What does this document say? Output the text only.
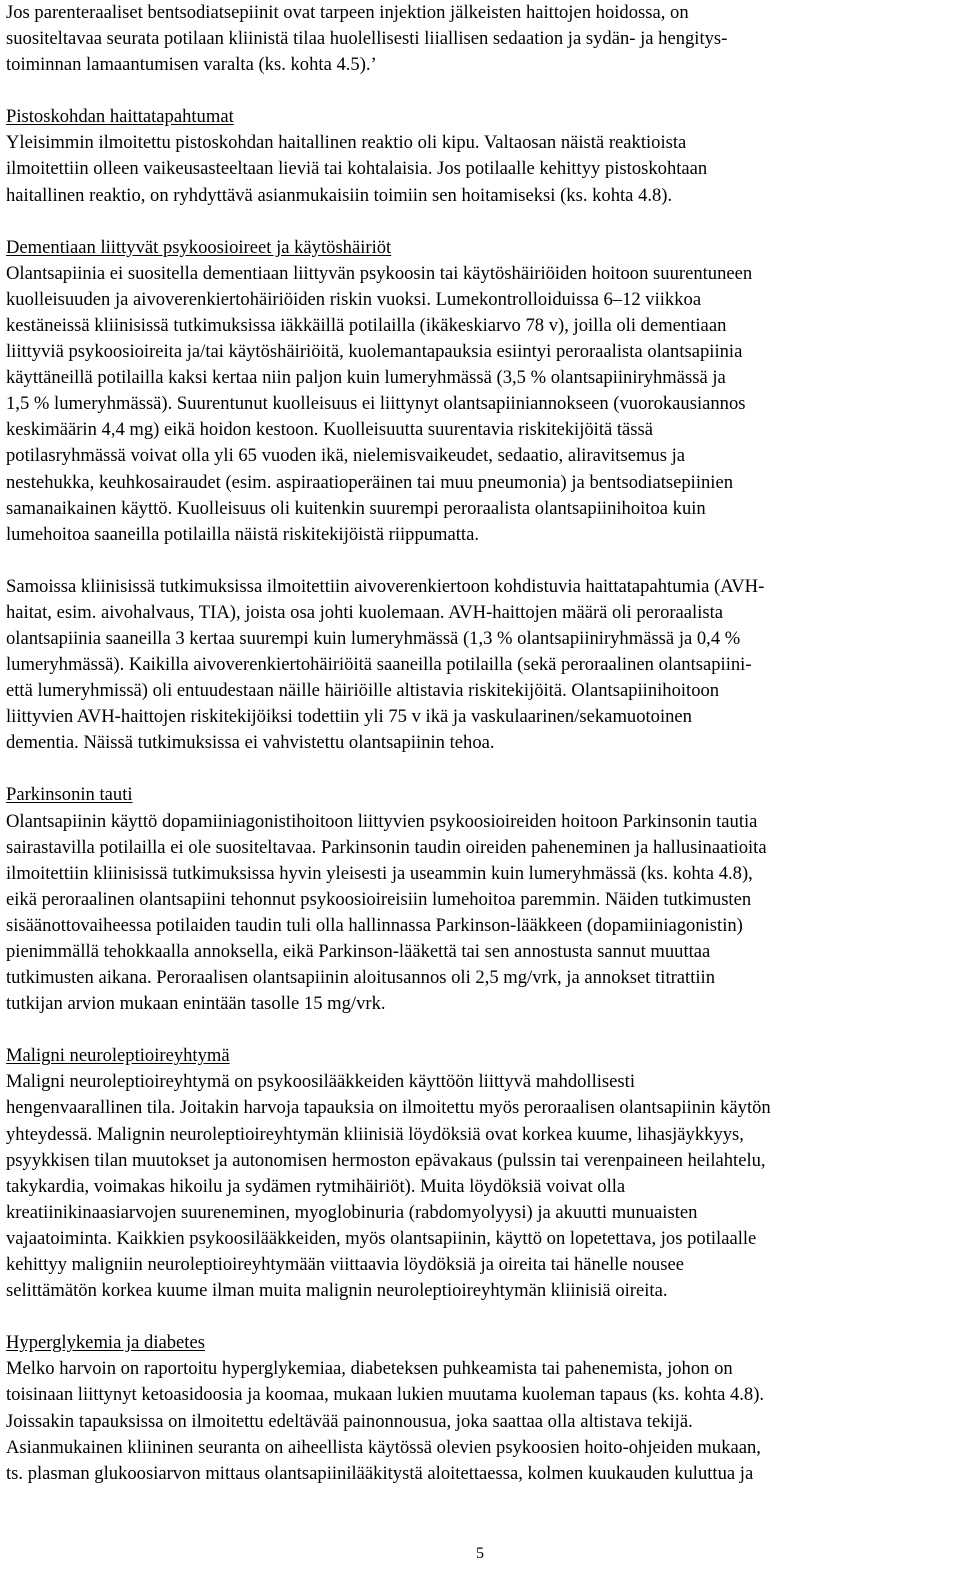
Jos parenteraaliset bentsodiatsepiinit ovat tarpeen injektion jälkeisten haittojen hoidossa, on

suositeltavaa seurata potilaan kliinistä tilaa huolellisesti liiallisen sedaation ja sydän- ja hengitys-

toiminnan lamaantumisen varalta (ks. kohta 4.5).’

Pistoskohdan haittatapahtumat

Yleisimmin ilmoitettu pistoskohdan haitallinen reaktio oli kipu. Valtaosan näistä reaktioista

ilmoitettiin olleen vaikeusasteeltaan lieviä tai kohtalaisia. Jos potilaalle kehittyy pistoskohtaan

haitallinen reaktio, on ryhdyttävä asianmukaisiin toimiin sen hoitamiseksi (ks. kohta 4.8).

Dementiaan liittyvät psykoosioireet ja käytöshäiriöt

Olantsapiinia ei suositella dementiaan liittyvän psykoosin tai käytöshäiriöiden hoitoon suurentuneen

kuolleisuuden ja aivoverenkiertohäiriöiden riskin vuoksi. Lumekontrolloiduissa 6–12 viikkoa

kestäneissä kliinisissä tutkimuksissa iäkkäillä potilailla (ikäkeskiarvo 78 v), joilla oli dementiaan

liittyviä psykoosioireita ja/tai käytöshäiriöitä, kuolemantapauksia esiintyi peroraalista olantsapiinia

käyttäneillä potilailla kaksi kertaa niin paljon kuin lumeryhmässä (3,5 % olantsapiiniryhmässä ja

1,5 % lumeryhmässä). Suurentunut kuolleisuus ei liittynyt olantsapiiniannokseen (vuorokausiannos

keskimäärin 4,4 mg) eikä hoidon kestoon. Kuolleisuutta suurentavia riskitekijöitä tässä

potilasryhmässä voivat olla yli 65 vuoden ikä, nielemisvaikeudet, sedaatio, aliravitsemus ja

nestehukka, keuhkosairaudet (esim. aspiraatioperäinen tai muu pneumonia) ja bentsodiatsepiinien

samanaikainen käyttö. Kuolleisuus oli kuitenkin suurempi peroraalista olantsapiinihoitoa kuin

lumehoitoa saaneilla potilailla näistä riskitekijöistä riippumatta.

Samoissa kliinisissä tutkimuksissa ilmoitettiin aivoverenkiertoon kohdistuvia haittatapahtumia (AVH-

haitat, esim. aivohalvaus, TIA), joista osa johti kuolemaan. AVH-haittojen määrä oli peroraalista

olantsapiinia saaneilla 3 kertaa suurempi kuin lumeryhmässä (1,3 % olantsapiiniryhmässä ja 0,4 %

lumeryhmässä). Kaikilla aivoverenkiertohäiriöitä saaneilla potilailla (sekä peroraalinen olantsapiini-

että lumeryhmissä) oli entuudestaan näille häiriöille altistavia riskitekijöitä. Olantsapiinihoitoon

liittyvien AVH-haittojen riskitekijöiksi todettiin yli 75 v ikä ja vaskulaarinen/sekamuotoinen

dementia. Näissä tutkimuksissa ei vahvistettu olantsapiinin tehoa.

Parkinsonin tauti

Olantsapiinin käyttö dopamiiniagonistihoitoon liittyvien psykoosioireiden hoitoon Parkinsonin tautia

sairastavilla potilailla ei ole suositeltavaa. Parkinsonin taudin oireiden paheneminen ja hallusinaatioita

ilmoitettiin kliinisissä tutkimuksissa hyvin yleisesti ja useammin kuin lumeryhmässä (ks. kohta 4.8),

eikä peroraalinen olantsapiini tehonnut psykoosioireisiin lumehoitoa paremmin. Näiden tutkimusten

sisäänottovaiheessa potilaiden taudin tuli olla hallinnassa Parkinson-lääkkeen (dopamiiniagonistin)

pienimmällä tehokkaalla annoksella, eikä Parkinson-lääkettä tai sen annostusta sannut muuttaa

tutkimusten aikana. Peroraalisen olantsapiinin aloitusannos oli 2,5 mg/vrk, ja annokset titrattiin

tutkijan arvion mukaan enintään tasolle 15 mg/vrk.

Maligni neuroleptioireyhtymä

Maligni neuroleptioireyhtymä on psykoosilääkkeiden käyttöön liittyvä mahdollisesti

hengenvaarallinen tila. Joitakin harvoja tapauksia on ilmoitettu myös peroraalisen olantsapiinin käytön

yhteydessä. Malignin neuroleptioireyhtymän kliinisiä löydöksiä ovat korkea kuume, lihasjäykkyys,

psyykkisen tilan muutokset ja autonomisen hermoston epävakaus (pulssin tai verenpaineen heilahtelu,

takykardia, voimakas hikoilu ja sydämen rytmihäiriöt). Muita löydöksiä voivat olla

kreatiinikinaasiarvojen suureneminen, myoglobinuria (rabdomyolyysi) ja akuutti munuaisten

vajaatoiminta. Kaikkien psykoosilääkkeiden, myös olantsapiinin, käyttö on lopetettava, jos potilaalle

kehittyy maligniin neuroleptioireyhtymään viittaavia löydöksiä ja oireita tai hänelle nousee

selittämätön korkea kuume ilman muita malignin neuroleptioireyhtymän kliinisiä oireita.

Hyperglykemia ja diabetes

Melko harvoin on raportoitu hyperglykemiaa, diabeteksen puhkeamista tai pahenemista, johon on

toisinaan liittynyt ketoasidoosia ja koomaa, mukaan lukien muutama kuoleman tapaus (ks. kohta 4.8).

Joissakin tapauksissa on ilmoitettu edeltävää painonnousua, joka saattaa olla altistava tekijä.

Asianmukainen kliininen seuranta on aiheellista käytössä olevien psykoosien hoito-ohjeiden mukaan,

ts. plasman glukoosiarvon mittaus olantsapiinilääkitystä aloitettaessa, kolmen kuukauden kuluttua ja

5
